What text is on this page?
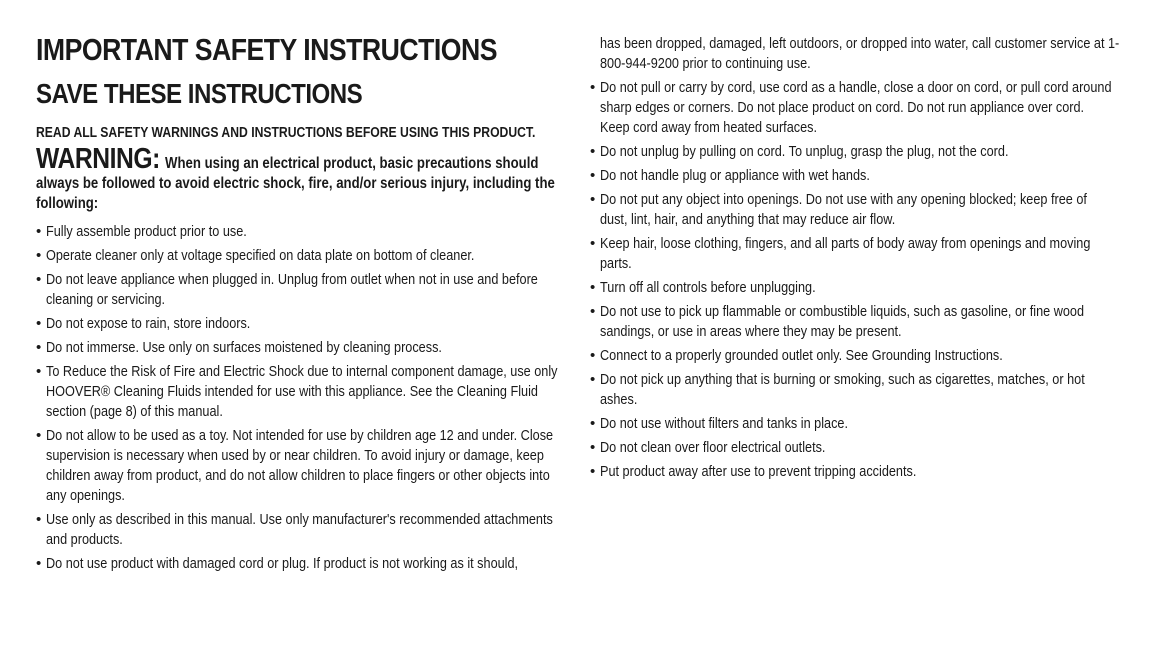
IMPORTANT SAFETY INSTRUCTIONS
SAVE THESE INSTRUCTIONS
READ ALL SAFETY WARNINGS AND INSTRUCTIONS BEFORE USING THIS PRODUCT.
WARNING: When using an electrical product, basic precautions should always be followed to avoid electric shock, fire, and/or serious injury, including the following:
• Fully assemble product prior to use.
• Operate cleaner only at voltage specified on data plate on bottom of cleaner.
• Do not leave appliance when plugged in. Unplug from outlet when not in use and before cleaning or servicing.
• Do not expose to rain, store indoors.
• Do not immerse. Use only on surfaces moistened by cleaning process.
• To Reduce the Risk of Fire and Electric Shock due to internal component damage, use only HOOVER® Cleaning Fluids intended for use with this appliance. See the Cleaning Fluid section (page 8) of this manual.
• Do not allow to be used as a toy. Not intended for use by children age 12 and under. Close supervision is necessary when used by or near children. To avoid injury or damage, keep children away from product, and do not allow children to place fingers or other objects into any openings.
• Use only as described in this manual. Use only manufacturer's recommended attachments and products.
• Do not use product with damaged cord or plug. If product is not working as it should,
has been dropped, damaged, left outdoors, or dropped into water, call customer service at 1-800-944-9200 prior to continuing use.
• Do not pull or carry by cord, use cord as a handle, close a door on cord, or pull cord around sharp edges or corners. Do not place product on cord. Do not run appliance over cord. Keep cord away from heated surfaces.
• Do not unplug by pulling on cord. To unplug, grasp the plug, not the cord.
• Do not handle plug or appliance with wet hands.
• Do not put any object into openings. Do not use with any opening blocked; keep free of dust, lint, hair, and anything that may reduce air flow.
• Keep hair, loose clothing, fingers, and all parts of body away from openings and moving parts.
• Turn off all controls before unplugging.
• Do not use to pick up flammable or combustible liquids, such as gasoline, or fine wood sandings, or use in areas where they may be present.
• Connect to a properly grounded outlet only. See Grounding Instructions.
• Do not pick up anything that is burning or smoking, such as cigarettes, matches, or hot ashes.
• Do not use without filters and tanks in place.
• Do not clean over floor electrical outlets.
• Put product away after use to prevent tripping accidents.
